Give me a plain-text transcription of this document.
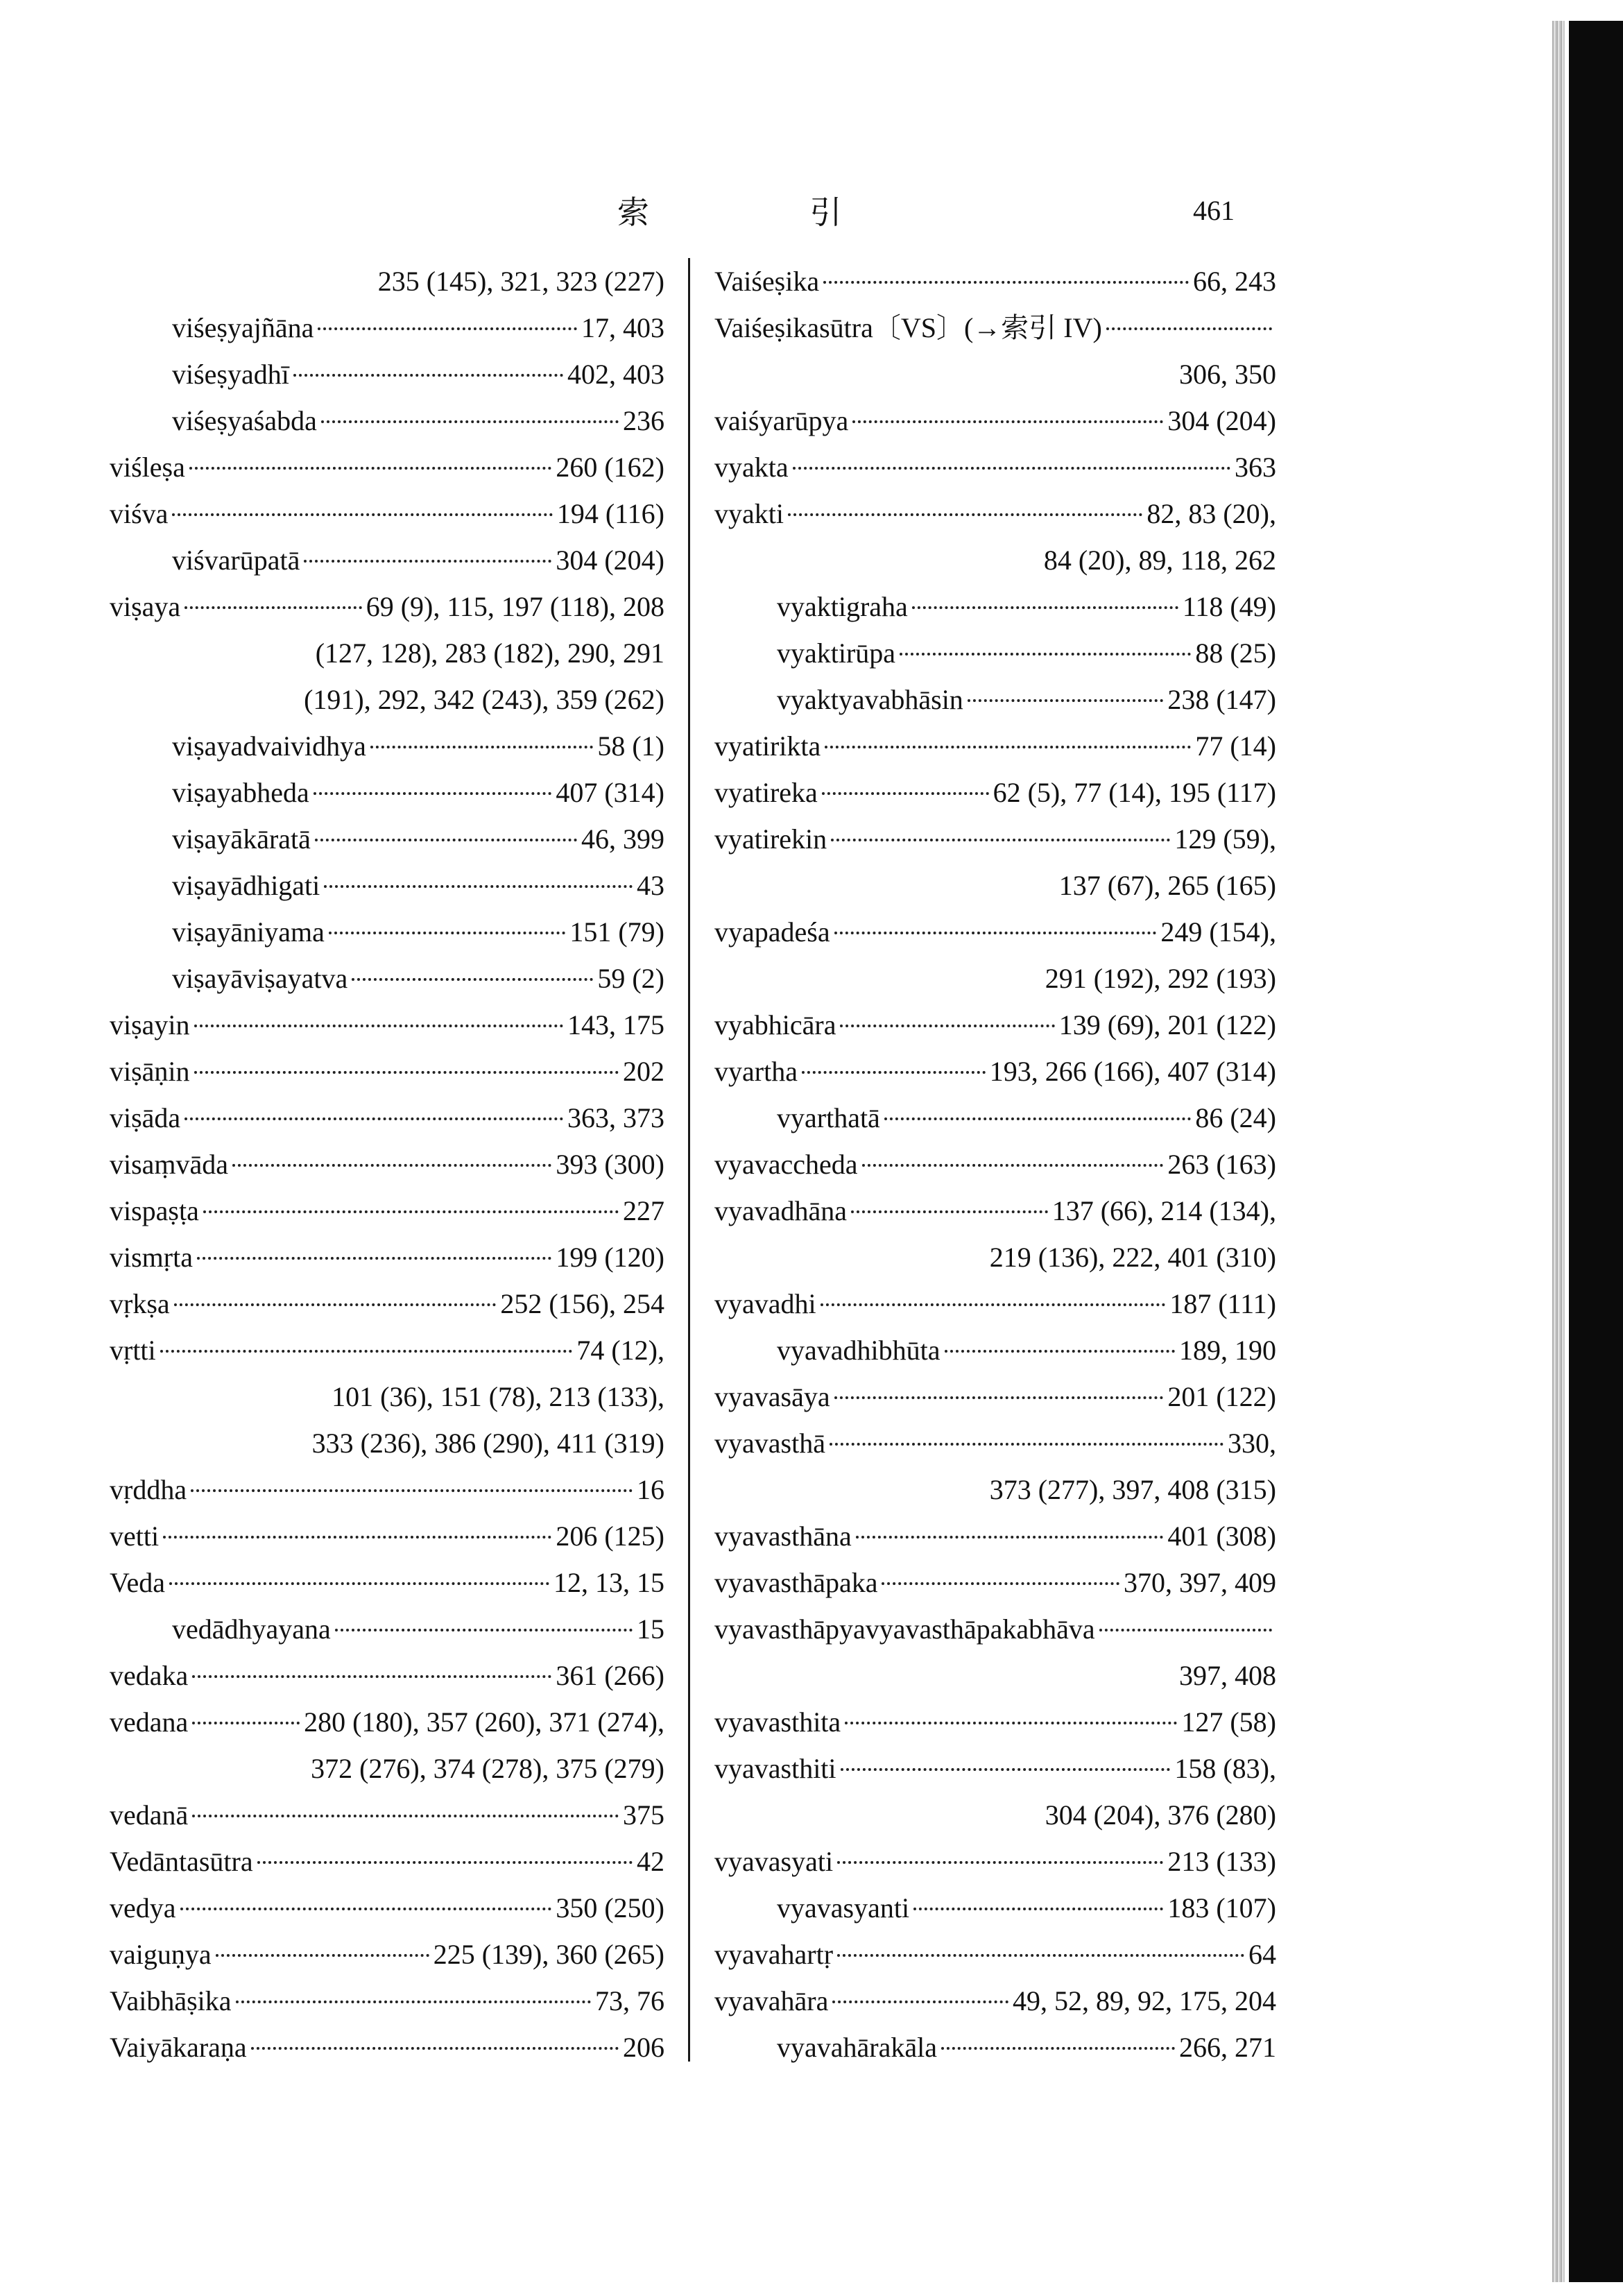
索 引	461
235 (145), 321, 323 (227)
viśeṣyajñāna	17, 403
viśeṣyadhī	402, 403
viśeṣyaśabda	236
viśleṣa	260 (162)
viśva	194 (116)
viśvarūpatā	304 (204)
viṣaya	69 (9), 115, 197 (118), 208
(127, 128), 283 (182), 290, 291
(191), 292, 342 (243), 359 (262)
viṣayadvaividhya	58 (1)
viṣayabheda	407 (314)
viṣayākāratā	46, 399
viṣayādhigati	43
viṣayāniyama	151 (79)
viṣayāviṣayatva	59 (2)
viṣayin	143, 175
viṣāṇin	202
viṣāda	363, 373
visaṃvāda	393 (300)
vispaṣṭa	227
vismṛta	199 (120)
vṛkṣa	252 (156), 254
vṛtti	74 (12),
101 (36), 151 (78), 213 (133),
333 (236), 386 (290), 411 (319)
vṛddha	16
vetti	206 (125)
Veda	12, 13, 15
vedādhyayana	15
vedaka	361 (266)
vedana	280 (180), 357 (260), 371 (274),
372 (276), 374 (278), 375 (279)
vedanā	375
Vedāntasūtra	42
vedya	350 (250)
vaiguṇya	225 (139), 360 (265)
Vaibhāṣika	73, 76
Vaiyākaraṇa	206
Vaiśeṣika	66, 243
Vaiśeṣikasūtra〔VS〕(→索引 IV)
306, 350
vaiśyarūpya	304 (204)
vyakta	363
vyakti	82, 83 (20),
84 (20), 89, 118, 262
vyaktigraha	118 (49)
vyaktirūpa	88 (25)
vyaktyavabhāsin	238 (147)
vyatirikta	77 (14)
vyatireka	62 (5), 77 (14), 195 (117)
vyatirekin	129 (59),
137 (67), 265 (165)
vyapadeśa	249 (154),
291 (192), 292 (193)
vyabhicāra	139 (69), 201 (122)
vyartha	193, 266 (166), 407 (314)
vyarthatā	86 (24)
vyavaccheda	263 (163)
vyavadhāna	137 (66), 214 (134),
219 (136), 222, 401 (310)
vyavadhi	187 (111)
vyavadhibhūta	189, 190
vyavasāya	201 (122)
vyavasthā	330,
373 (277), 397, 408 (315)
vyavasthāna	401 (308)
vyavasthāpaka	370, 397, 409
vyavasthāpyavyavasthāpakabhāva
397, 408
vyavasthita	127 (58)
vyavasthiti	158 (83),
304 (204), 376 (280)
vyavasyati	213 (133)
vyavasyanti	183 (107)
vyavahartṛ	64
vyavahāra	49, 52, 89, 92, 175, 204
vyavahārakāla	266, 271
